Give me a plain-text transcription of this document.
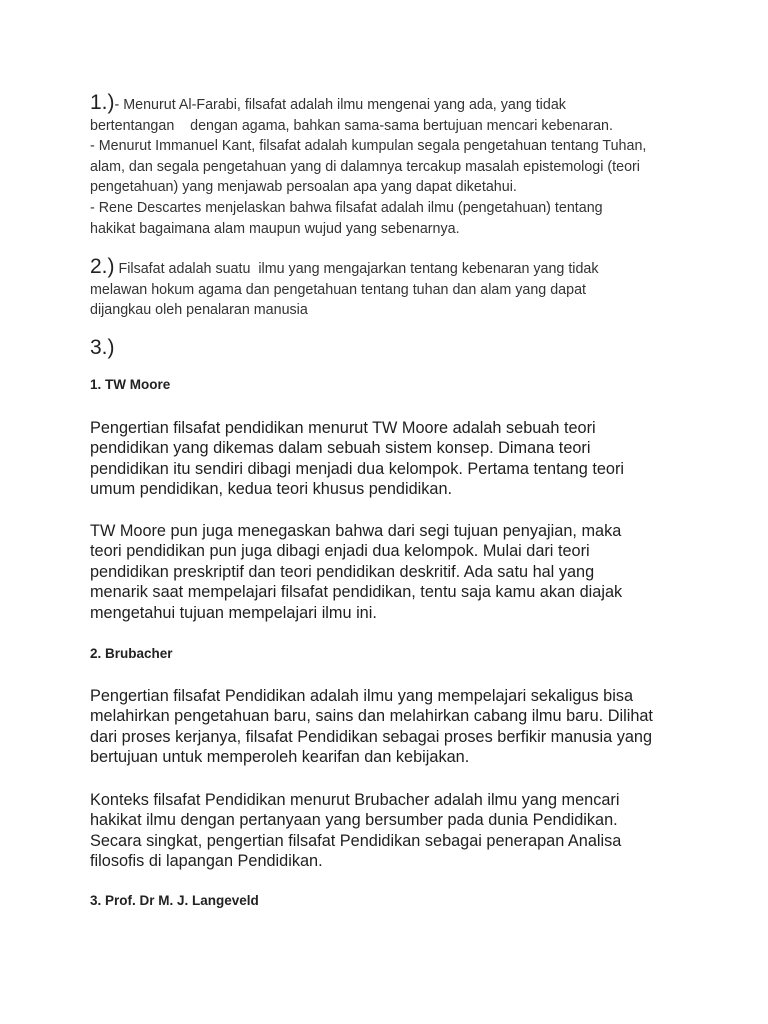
1.)- Menurut Al-Farabi, filsafat adalah ilmu mengenai yang ada, yang tidak
bertentangan    dengan agama, bahkan sama-sama bertujuan mencari kebenaran.
- Menurut Immanuel Kant, filsafat adalah kumpulan segala pengetahuan tentang Tuhan,
alam, dan segala pengetahuan yang di dalamnya tercakup masalah epistemologi (teori
pengetahuan) yang menjawab persoalan apa yang dapat diketahui.
- Rene Descartes menjelaskan bahwa filsafat adalah ilmu (pengetahuan) tentang
hakikat bagaimana alam maupun wujud yang sebenarnya.
2.) Filsafat adalah suatu  ilmu yang mengajarkan tentang kebenaran yang tidak
melawan hokum agama dan pengetahuan tentang tuhan dan alam yang dapat
dijangkau oleh penalaran manusia
3.)
1. TW Moore
Pengertian filsafat pendidikan menurut TW Moore adalah sebuah teori
pendidikan yang dikemas dalam sebuah sistem konsep. Dimana teori
pendidikan itu sendiri dibagi menjadi dua kelompok. Pertama tentang teori
umum pendidikan, kedua teori khusus pendidikan.
TW Moore pun juga menegaskan bahwa dari segi tujuan penyajian, maka
teori pendidikan pun juga dibagi enjadi dua kelompok. Mulai dari teori
pendidikan preskriptif dan teori pendidikan deskritif. Ada satu hal yang
menarik saat mempelajari filsafat pendidikan, tentu saja kamu akan diajak
mengetahui tujuan mempelajari ilmu ini.
2. Brubacher
Pengertian filsafat Pendidikan adalah ilmu yang mempelajari sekaligus bisa
melahirkan pengetahuan baru, sains dan melahirkan cabang ilmu baru. Dilihat
dari proses kerjanya, filsafat Pendidikan sebagai proses berfikir manusia yang
bertujuan untuk memperoleh kearifan dan kebijakan.
Konteks filsafat Pendidikan menurut Brubacher adalah ilmu yang mencari
hakikat ilmu dengan pertanyaan yang bersumber pada dunia Pendidikan.
Secara singkat, pengertian filsafat Pendidikan sebagai penerapan Analisa
filosofis di lapangan Pendidikan.
3. Prof. Dr M. J. Langeveld
